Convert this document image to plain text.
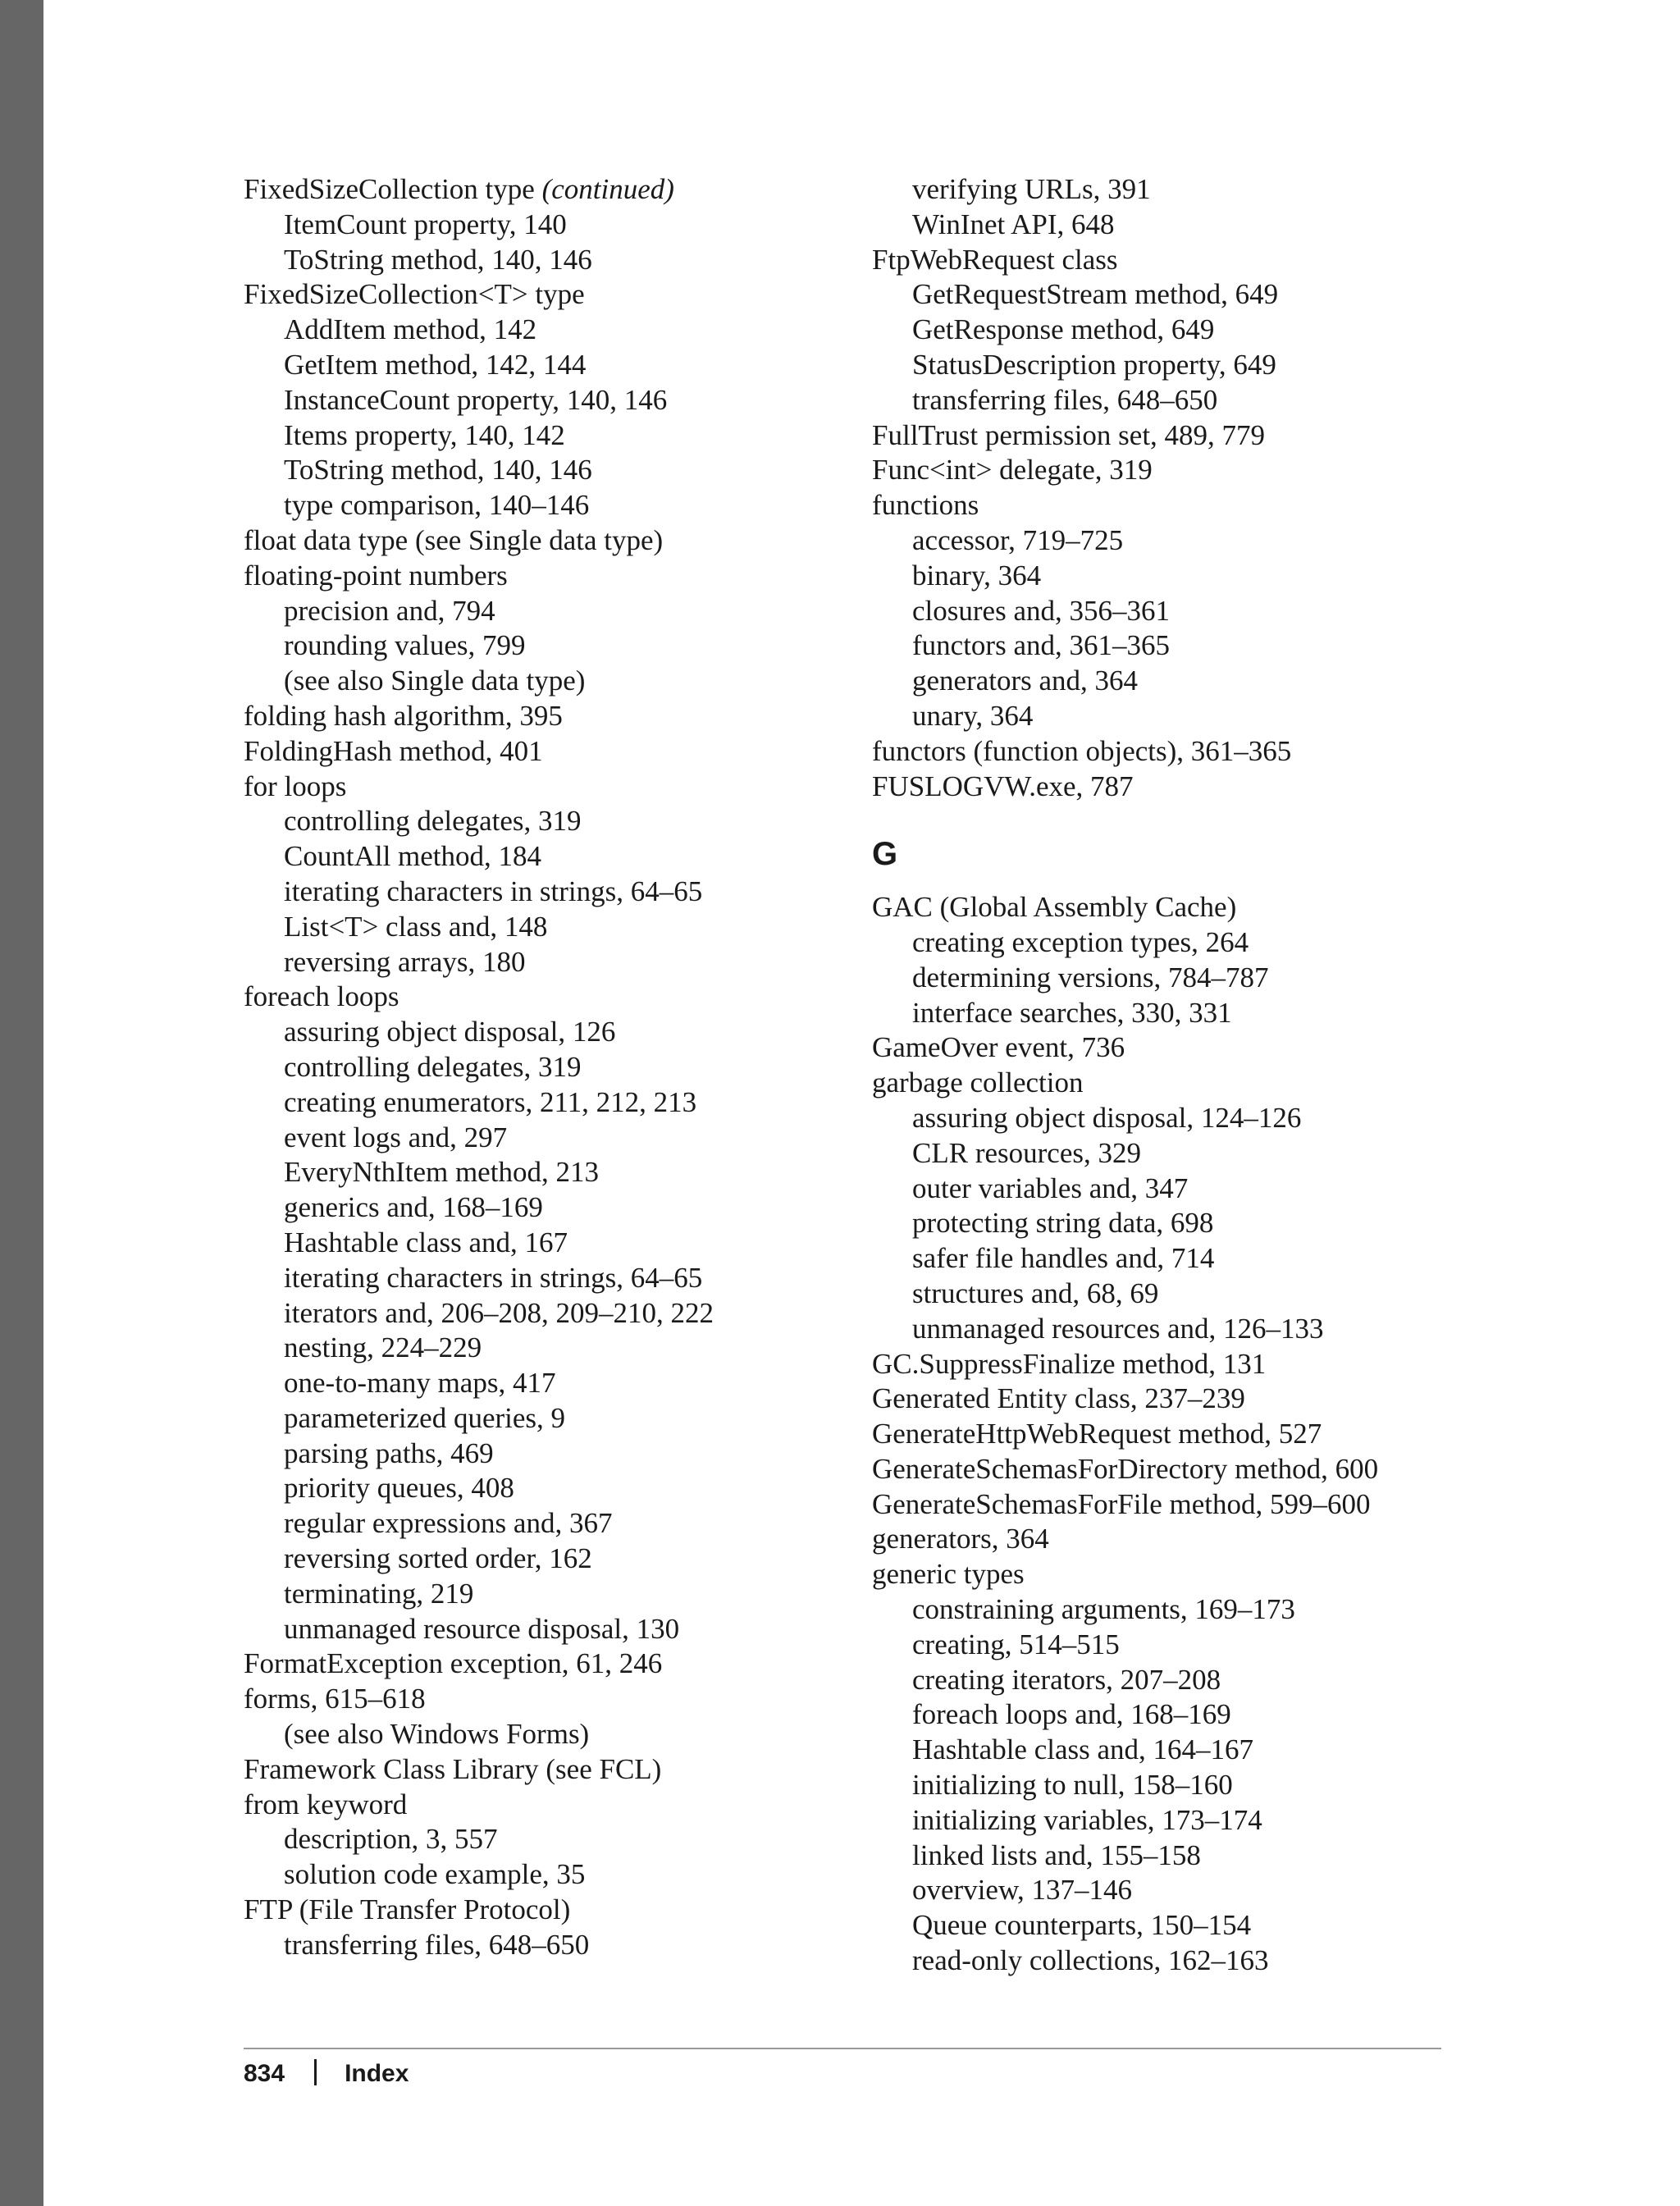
FixedSizeCollection type (continued)
ItemCount property, 140
ToString method, 140, 146
FixedSizeCollection<T> type
AddItem method, 142
GetItem method, 142, 144
InstanceCount property, 140, 146
Items property, 140, 142
ToString method, 140, 146
type comparison, 140–146
float data type (see Single data type)
floating-point numbers
precision and, 794
rounding values, 799
(see also Single data type)
folding hash algorithm, 395
FoldingHash method, 401
for loops
controlling delegates, 319
CountAll method, 184
iterating characters in strings, 64–65
List<T> class and, 148
reversing arrays, 180
foreach loops
assuring object disposal, 126
controlling delegates, 319
creating enumerators, 211, 212, 213
event logs and, 297
EveryNthItem method, 213
generics and, 168–169
Hashtable class and, 167
iterating characters in strings, 64–65
iterators and, 206–208, 209–210, 222
nesting, 224–229
one-to-many maps, 417
parameterized queries, 9
parsing paths, 469
priority queues, 408
regular expressions and, 367
reversing sorted order, 162
terminating, 219
unmanaged resource disposal, 130
FormatException exception, 61, 246
forms, 615–618
(see also Windows Forms)
Framework Class Library (see FCL)
from keyword
description, 3, 557
solution code example, 35
FTP (File Transfer Protocol)
transferring files, 648–650
verifying URLs, 391
WinInet API, 648
FtpWebRequest class
GetRequestStream method, 649
GetResponse method, 649
StatusDescription property, 649
transferring files, 648–650
FullTrust permission set, 489, 779
Func<int> delegate, 319
functions
accessor, 719–725
binary, 364
closures and, 356–361
functors and, 361–365
generators and, 364
unary, 364
functors (function objects), 361–365
FUSLOGVW.exe, 787
G
GAC (Global Assembly Cache)
creating exception types, 264
determining versions, 784–787
interface searches, 330, 331
GameOver event, 736
garbage collection
assuring object disposal, 124–126
CLR resources, 329
outer variables and, 347
protecting string data, 698
safer file handles and, 714
structures and, 68, 69
unmanaged resources and, 126–133
GC.SuppressFinalize method, 131
Generated Entity class, 237–239
GenerateHttpWebRequest method, 527
GenerateSchemasForDirectory method, 600
GenerateSchemasForFile method, 599–600
generators, 364
generic types
constraining arguments, 169–173
creating, 514–515
creating iterators, 207–208
foreach loops and, 168–169
Hashtable class and, 164–167
initializing to null, 158–160
initializing variables, 173–174
linked lists and, 155–158
overview, 137–146
Queue counterparts, 150–154
read-only collections, 162–163
834 Index
